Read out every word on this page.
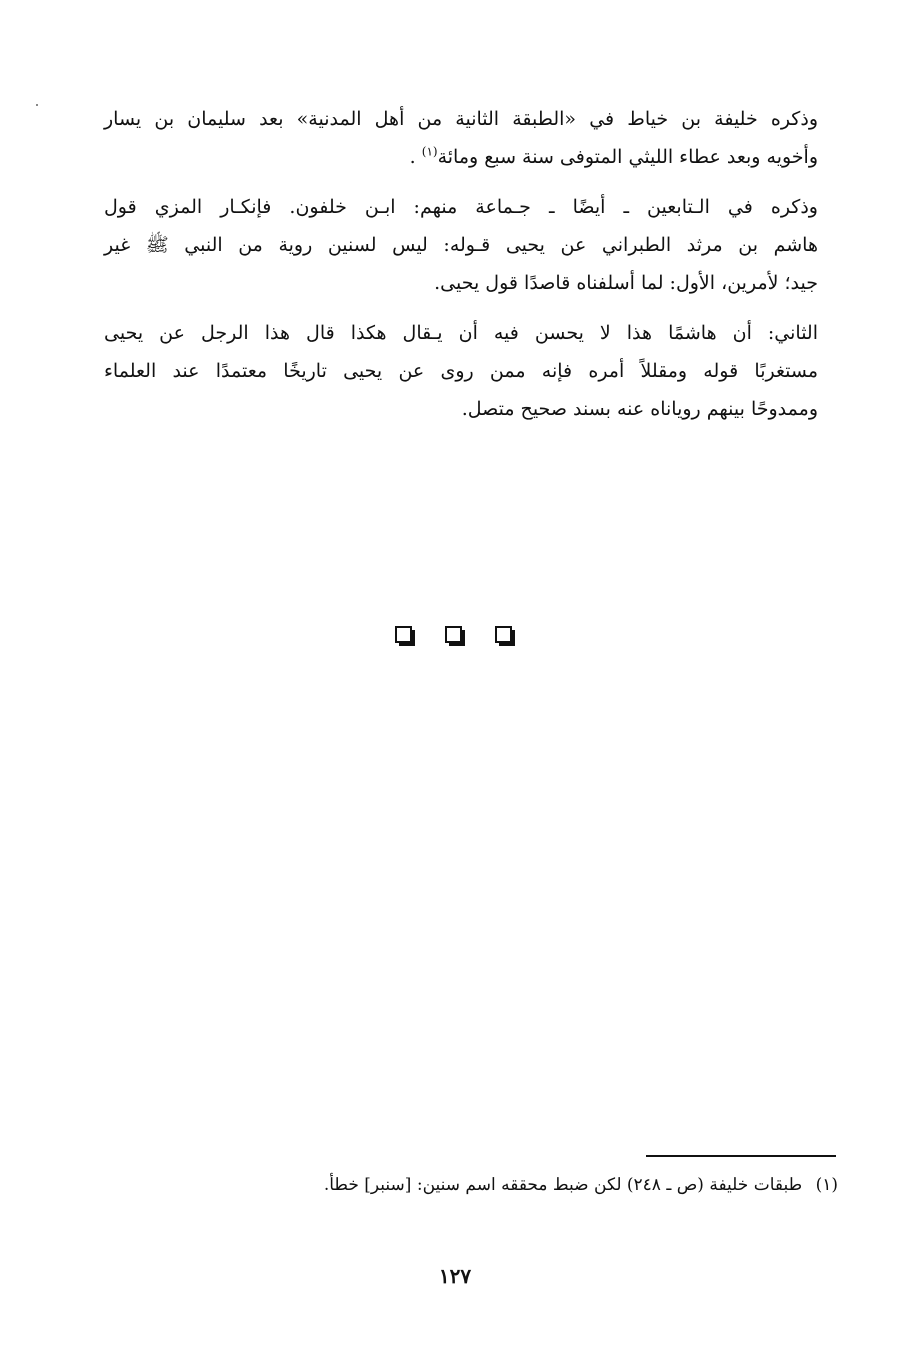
وذكره خليفة بن خياط في «الطبقة الثانية من أهل المدنية» بعد سليمان بن يسار
وأخويه وبعد عطاء الليثي المتوفى سنة سبع ومائة$^{(١)}$ .

وذكره في الـتابعين ـ أيضًا ـ جـماعة منهم: ابـن خلفون. فإنكـار المزي قول
هاشم بن مرثد الطبراني عن يحيى قـوله: ليس لسنين روية من النبي ﷺ غير
جيد؛ لأمرين، الأول: لما أسلفناه قاصدًا قول يحيى.

الثاني: أن هاشمًا هذا لا يحسن فيه أن يـقال هكذا قال هذا الرجل عن يحيى
مستغربًا قوله ومقللاً أمره فإنه ممن روى عن يحيى تاريخًا معتمدًا عند العلماء
وممدوحًا بينهم روياناه عنه بسند صحيح متصل.

(١) طبقات خليفة (ص ـ ٢٤٨) لكن ضبط محققه اسم سنين: [سنبر] خطأ.
١٢٧
